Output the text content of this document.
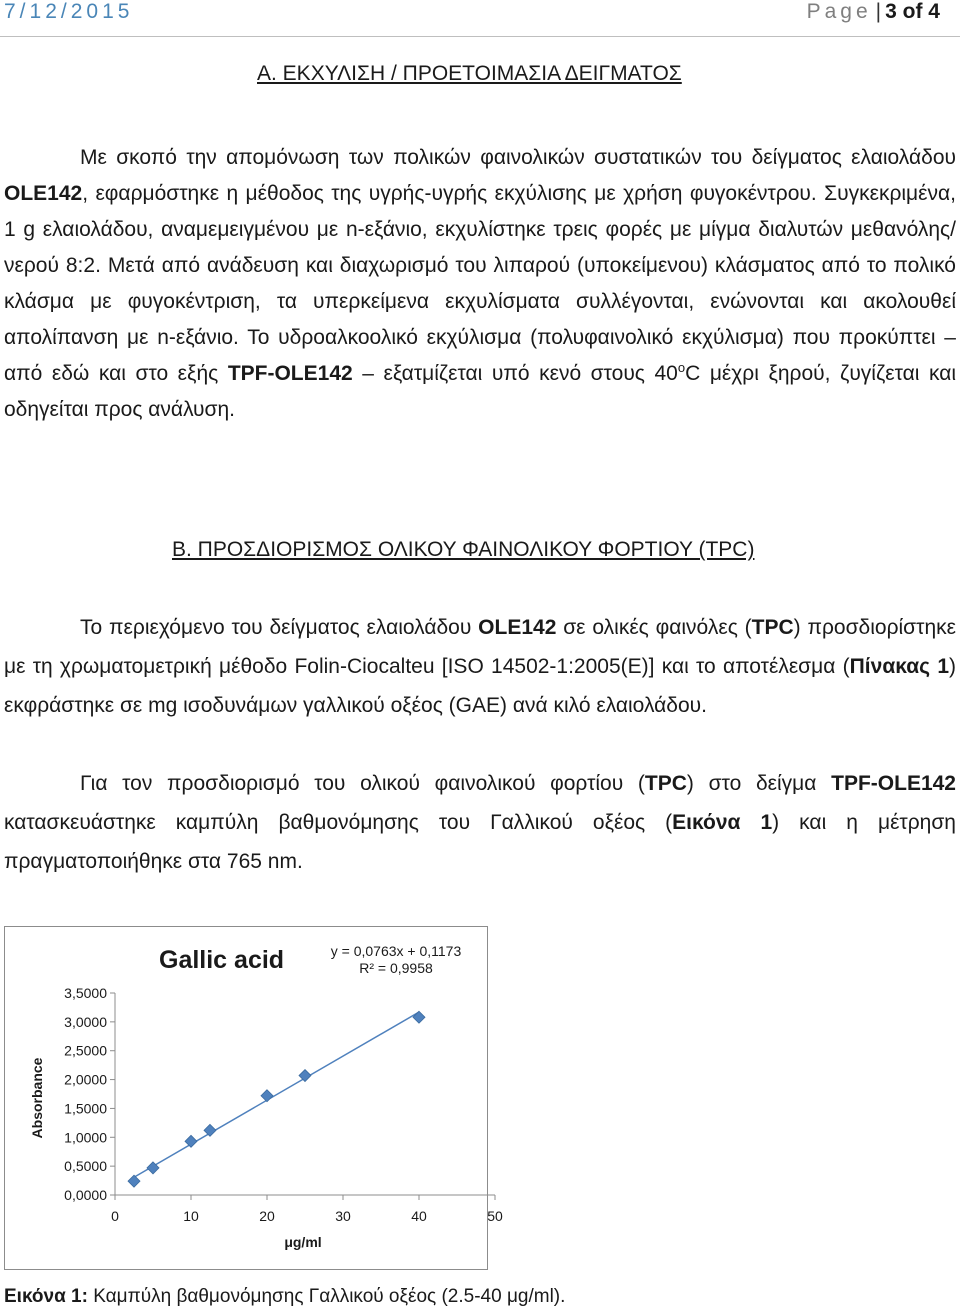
7/12/2015	Page | 3 of 4
Α. ΕΚΧΥΛΙΣΗ / ΠΡΟΕΤΟΙΜΑΣΙΑ ΔΕΙΓΜΑΤΟΣ

Με σκοπό την απομόνωση των πολικών φαινολικών συστατικών του δείγματος ελαιολάδου OLE142, εφαρμόστηκε η μέθοδος της υγρής-υγρής εκχύλισης με χρήση φυγοκέντρου. Συγκεκριμένα, 1 g ελαιολάδου, αναμεμειγμένου με n-εξάνιο, εκχυλίστηκε τρεις φορές με μίγμα διαλυτών μεθανόλης/νερού 8:2. Μετά από ανάδευση και διαχωρισμό του λιπαρού (υποκείμενου) κλάσματος από το πολικό κλάσμα με φυγοκέντριση, τα υπερκείμενα εκχυλίσματα συλλέγονται, ενώνονται και ακολουθεί απολίπανση με n-εξάνιο. Το υδροαλκοολικό εκχύλισμα (πολυφαινολικό εκχύλισμα) που προκύπτει – από εδώ και στο εξής TPF-OLE142 – εξατμίζεται υπό κενό στους $40^oC$ μέχρι ξηρού, ζυγίζεται και οδηγείται προς ανάλυση.

Β. ΠΡΟΣΔΙΟΡΙΣΜΟΣ ΟΛΙΚΟΥ ΦΑΙΝΟΛΙΚΟΥ ΦΟΡΤΙΟΥ (TPC)

Το περιεχόμενο του δείγματος ελαιολάδου OLE142 σε ολικές φαινόλες (TPC) προσδιορίστηκε με τη χρωματομετρική μέθοδο Folin-Ciocalteu [ISO 14502-1:2005(E)] και το αποτέλεσμα (Πίνακας 1) εκφράστηκε σε mg ισοδυνάμων γαλλικού οξέος (GAE) ανά κιλό ελαιολάδου.

Για τον προσδιορισμό του ολικού φαινολικού φορτίου (TPC) στο δείγμα TPF-OLE142 κατασκευάστηκε καμπύλη βαθμονόμησης του Γαλλικού οξέος (Εικόνα 1) και η μέτρηση πραγματοποιήθηκε στα 765 nm.

Gallic acid	y = 0,0763x + 0,1173
R² = 0,9958
Absorbance
μg/ml
0,0000
0,5000
1,0000
1,5000
2,0000
2,5000
3,0000
3,5000
0	10	20	30	40	50
Εικόνα 1: Καμπύλη βαθμονόμησης Γαλλικού οξέος (2.5-40 μg/ml).
